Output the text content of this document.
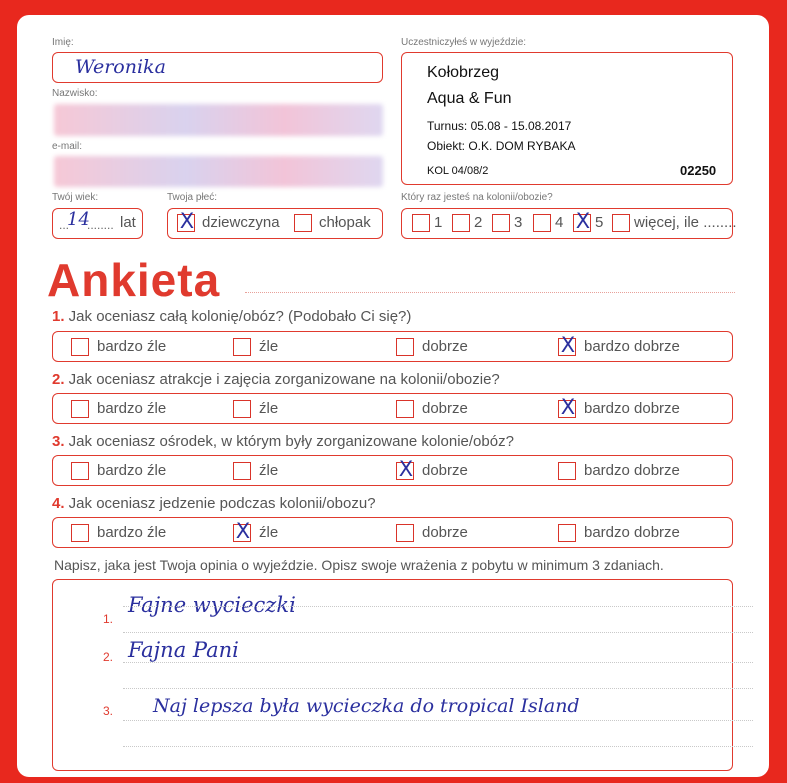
Imię:
Weronika
Nazwisko:
e-mail:
Twój wiek:
...
14
........ lat
Twoja płeć:
X dziewczyna	chłopak
Uczestniczyłeś w wyjeździe:
Kołobrzeg
Aqua & Fun
Turnus: 05.08 - 15.08.2017
Obiekt: O.K. DOM RYBAKA
KOL 04/08/2	02250
Który raz jesteś na kolonii/obozie?
1 2 3 4 X 5 więcej, ile ........
Ankieta
1. Jak oceniasz całą kolonię/obóz? (Podobało Ci się?)
bardzo źle	źle	dobrze	X bardzo dobrze
2. Jak oceniasz atrakcje i zajęcia zorganizowane na kolonii/obozie?
bardzo źle	źle	dobrze	X bardzo dobrze
3. Jak oceniasz ośrodek, w którym były zorganizowane kolonie/obóz?
bardzo źle	źle	X dobrze	bardzo dobrze
4. Jak oceniasz jedzenie podczas kolonii/obozu?
bardzo źle	X źle	dobrze	bardzo dobrze
Napisz, jaka jest Twoja opinia o wyjeździe. Opisz swoje wrażenia z pobytu w minimum 3 zdaniach.
1.
Fajne wycieczki
2. Fajna Pani
3. Naj lepsza była wycieczka do tropical Island
